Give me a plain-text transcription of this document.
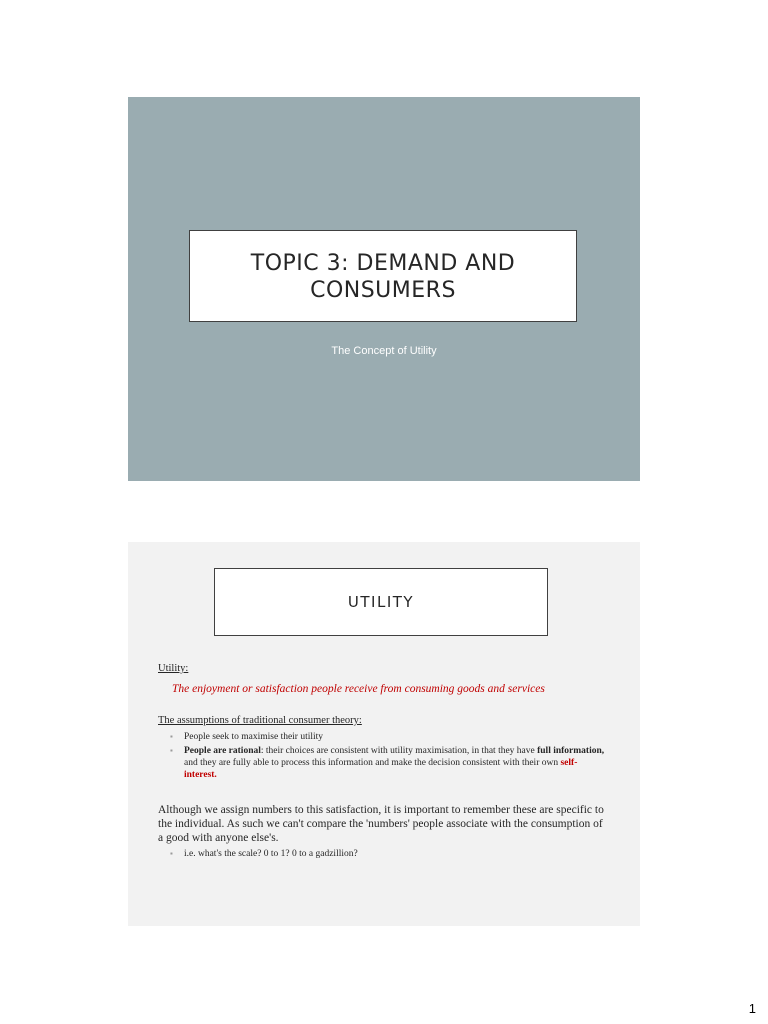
TOPIC 3: DEMAND AND CONSUMERS
The Concept of Utility
UTILITY

Utility:

The enjoyment or satisfaction people receive from consuming goods and services

The assumptions of traditional consumer theory:

▪ People seek to maximise their utility
▪ People are rational: their choices are consistent with utility maximisation, in that they have full information, and they are fully able to process this information and make the decision consistent with their own self-interest.

Although we assign numbers to this satisfaction, it is important to remember these are specific to the individual. As such we can't compare the 'numbers' people associate with the consumption of a good with anyone else's.

▪ i.e. what's the scale? 0 to 1? 0 to a gadzillion?
1
